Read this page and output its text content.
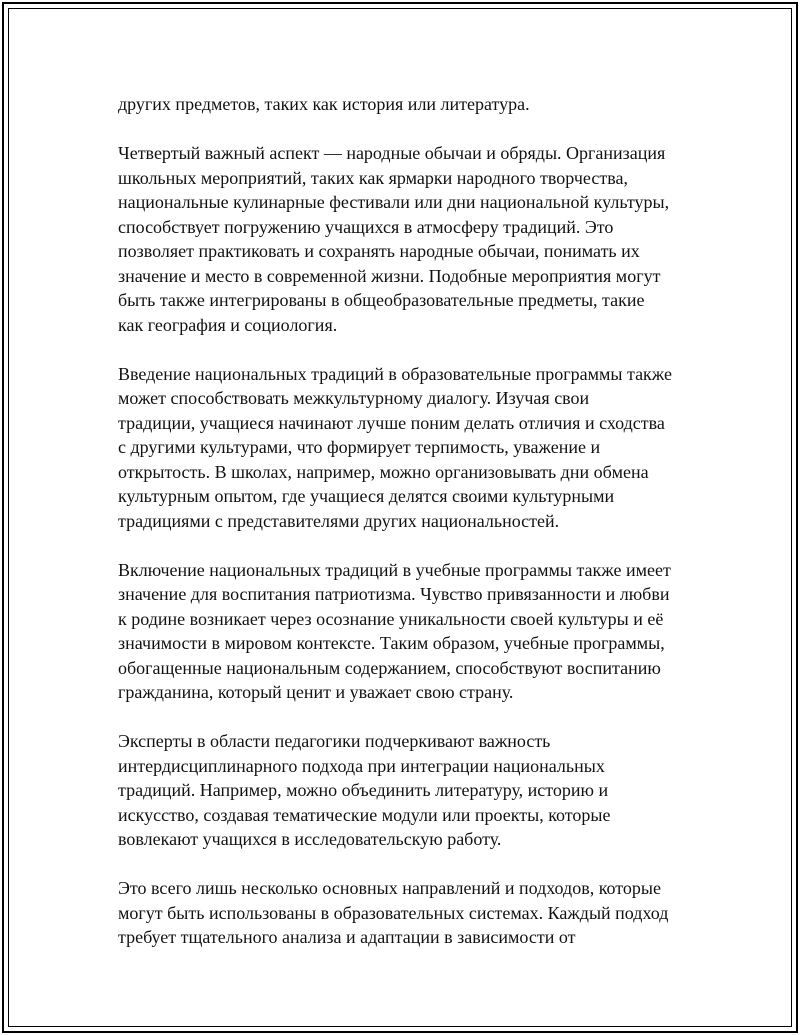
других предметов, таких как история или литература.

Четвертый важный аспект — народные обычаи и обряды. Организация
школьных мероприятий, таких как ярмарки народного творчества,
национальные кулинарные фестивали или дни национальной культуры,
способствует погружению учащихся в атмосферу традиций. Это
позволяет практиковать и сохранять народные обычаи, понимать их
значение и место в современной жизни. Подобные мероприятия могут
быть также интегрированы в общеобразовательные предметы, такие
как география и социология.

Введение национальных традиций в образовательные программы также
может способствовать межкультурному диалогу. Изучая свои
традиции, учащиеся начинают лучше поним делать отличия и сходства
с другими культурами, что формирует терпимость, уважение и
открытость. В школах, например, можно организовывать дни обмена
культурным опытом, где учащиеся делятся своими культурными
традициями с представителями других национальностей.

Включение национальных традиций в учебные программы также имеет
значение для воспитания патриотизма. Чувство привязанности и любви
к родине возникает через осознание уникальности своей культуры и её
значимости в мировом контексте. Таким образом, учебные программы,
обогащенные национальным содержанием, способствуют воспитанию
гражданина, который ценит и уважает свою страну.

Эксперты в области педагогики подчеркивают важность
интердисциплинарного подхода при интеграции национальных
традиций. Например, можно объединить литературу, историю и
искусство, создавая тематические модули или проекты, которые
вовлекают учащихся в исследовательскую работу.

Это всего лишь несколько основных направлений и подходов, которые
могут быть использованы в образовательных системах. Каждый подход
требует тщательного анализа и адаптации в зависимости от
